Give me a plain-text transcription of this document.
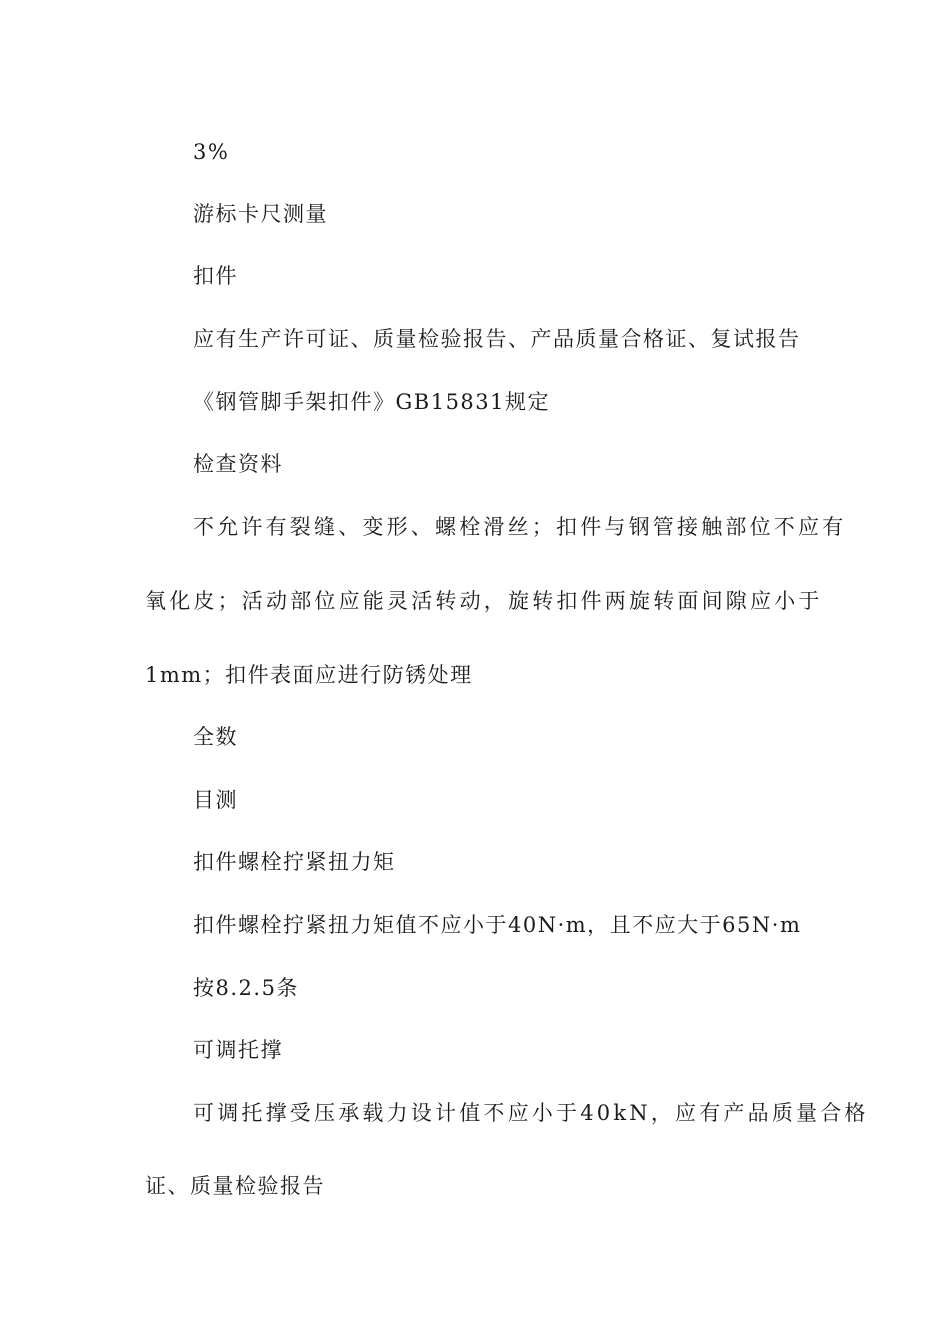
3%
游标卡尺测量
扣件
应有生产许可证、质量检验报告、产品质量合格证、复试报告
《钢管脚手架扣件》GB15831规定
检查资料
不允许有裂缝、变形、螺栓滑丝；扣件与钢管接触部位不应有
氧化皮；活动部位应能灵活转动，旋转扣件两旋转面间隙应小于
1mm；扣件表面应进行防锈处理
全数
目测
扣件螺栓拧紧扭力矩
扣件螺栓拧紧扭力矩值不应小于40N·m，且不应大于65N·m
按8.2.5条
可调托撑
可调托撑受压承载力设计值不应小于40kN，应有产品质量合格
证、质量检验报告
